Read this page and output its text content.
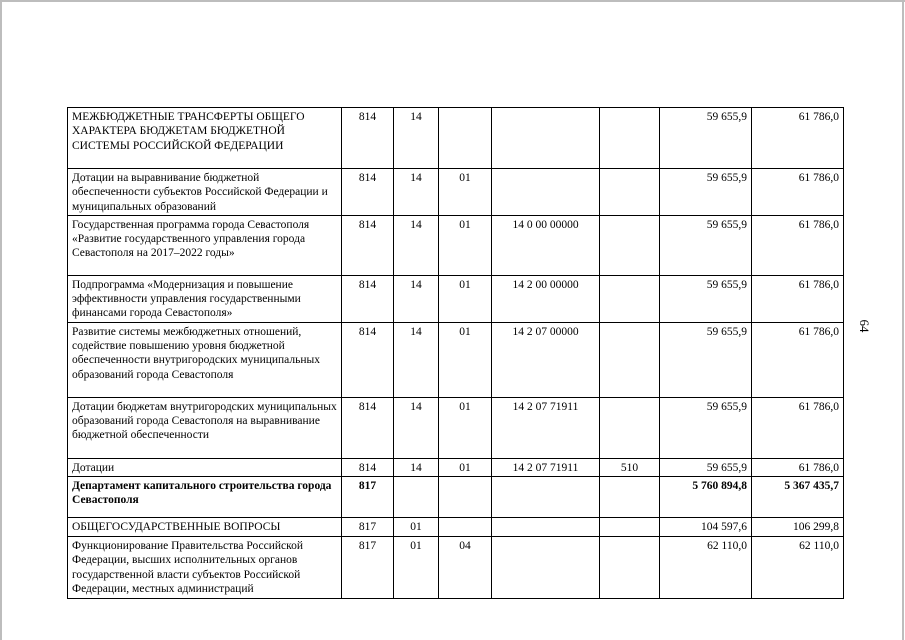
64
МЕЖБЮДЖЕТНЫЕ ТРАНСФЕРТЫ ОБЩЕГО ХАРАКТЕРА БЮДЖЕТАМ БЮДЖЕТНОЙ СИСТЕМЫ РОССИЙСКОЙ ФЕДЕРАЦИИ	814	14				59 655,9	61 786,0
Дотации на выравнивание бюджетной обеспеченности субъектов Российской Федерации и муниципальных образований	814	14	01			59 655,9	61 786,0
Государственная программа города Севастополя «Развитие государственного управления города Севастополя на 2017–2022 годы»	814	14	01	14 0 00 00000		59 655,9	61 786,0
Подпрограмма «Модернизация и повышение эффективности управления государственными финансами города Севастополя»	814	14	01	14 2 00 00000		59 655,9	61 786,0
Развитие системы межбюджетных отношений, содействие повышению уровня бюджетной обеспеченности внутригородских муниципальных образований города Севастополя	814	14	01	14 2 07 00000		59 655,9	61 786,0
Дотации бюджетам внутригородских муниципальных образований города Севастополя на выравнивание бюджетной обеспеченности	814	14	01	14 2 07 71911		59 655,9	61 786,0
Дотации	814	14	01	14 2 07 71911	510	59 655,9	61 786,0
Департамент капитального строительства города Севастополя	817					5 760 894,8	5 367 435,7
ОБЩЕГОСУДАРСТВЕННЫЕ ВОПРОСЫ	817	01				104 597,6	106 299,8
Функционирование Правительства Российской Федерации, высших исполнительных органов государственной власти субъектов Российской Федерации, местных администраций	817	01	04			62 110,0	62 110,0
